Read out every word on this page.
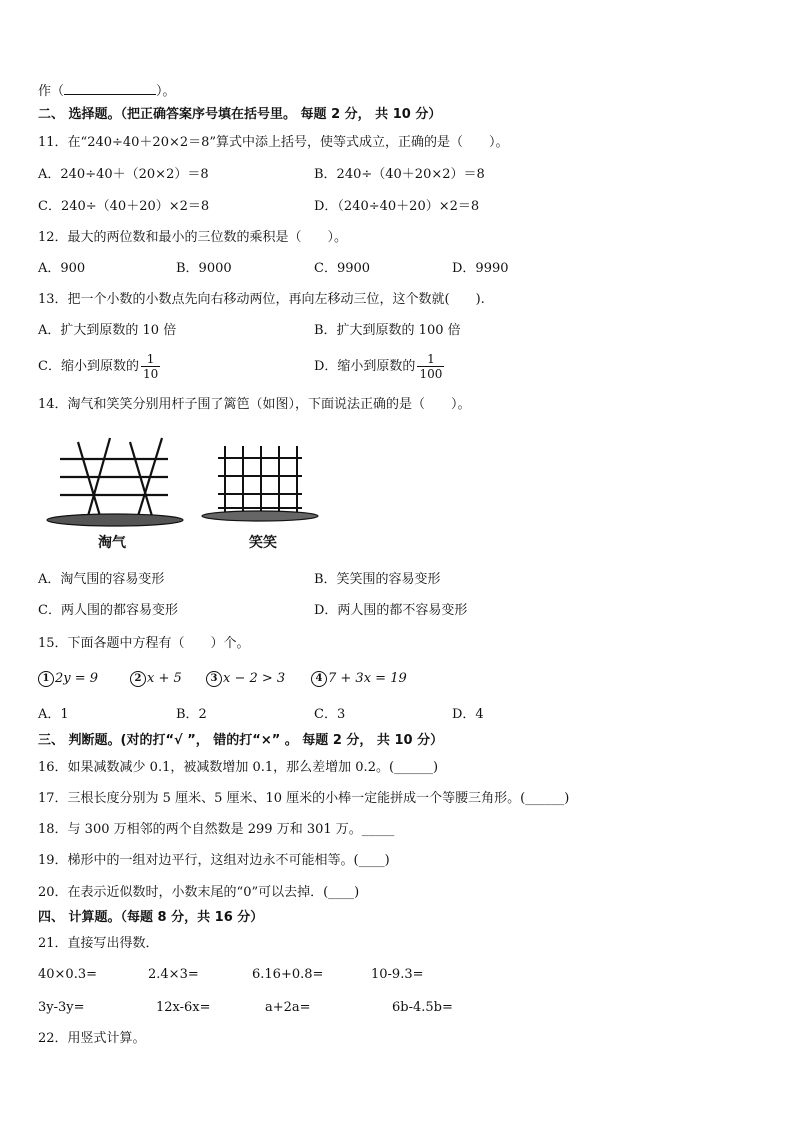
作（	）。
二、 选择题。（把正确答案序号填在括号里。 每题 2 分， 共 10 分）
11．在“240÷40＋20×2＝8”算式中添上括号，使等式成立，正确的是（　　）。
A．240÷40＋（20×2）＝8	B．240÷（40＋20×2）＝8
C．240÷（40＋20）×2＝8	D．（240÷40＋20）×2＝8
12．最大的两位数和最小的三位数的乘积是（　　）。
A．900	B．9000	C．9900	D．9990
13．把一个小数的小数点先向右移动两位，再向左移动三位，这个数就(　　).
A．扩大到原数的 10 倍	B．扩大到原数的 100 倍
C．缩小到原数的 $\frac{1}{10}$	D．缩小到原数的 $\frac{1}{100}$
14．淘气和笑笑分别用杆子围了篱笆（如图），下面说法正确的是（　　）。
淘气	笑笑
A．淘气围的容易变形	B．笑笑围的容易变形
C．两人围的都容易变形	D．两人围的都不容易变形
15．下面各题中方程有（　　）个。
1 2y = 9	2 x + 5	3 x − 2 > 3	4 7 + 3x = 19
A．1	B．2	C．3	D．4
三、 判断题。(对的打“√ ”， 错的打“×” 。 每题 2 分， 共 10 分）
16．如果减数减少 0.1，被减数增加 0.1，那么差增加 0.2。(______)
17．三根长度分别为 5 厘米、5 厘米、10 厘米的小棒一定能拼成一个等腰三角形。(______)
18．与 300 万相邻的两个自然数是 299 万和 301 万。_____
19．梯形中的一组对边平行，这组对边永不可能相等。(____)
20．在表示近似数时，小数末尾的“0”可以去掉．(____)
四、 计算题。（每题 8 分，共 16 分）
21．直接写出得数．
40×0.3=	2.4×3=	6.16+0.8=	10-9.3=
3y-3y=	12x-6x=	a+2a=	6b-4.5b=
22．用竖式计算。
